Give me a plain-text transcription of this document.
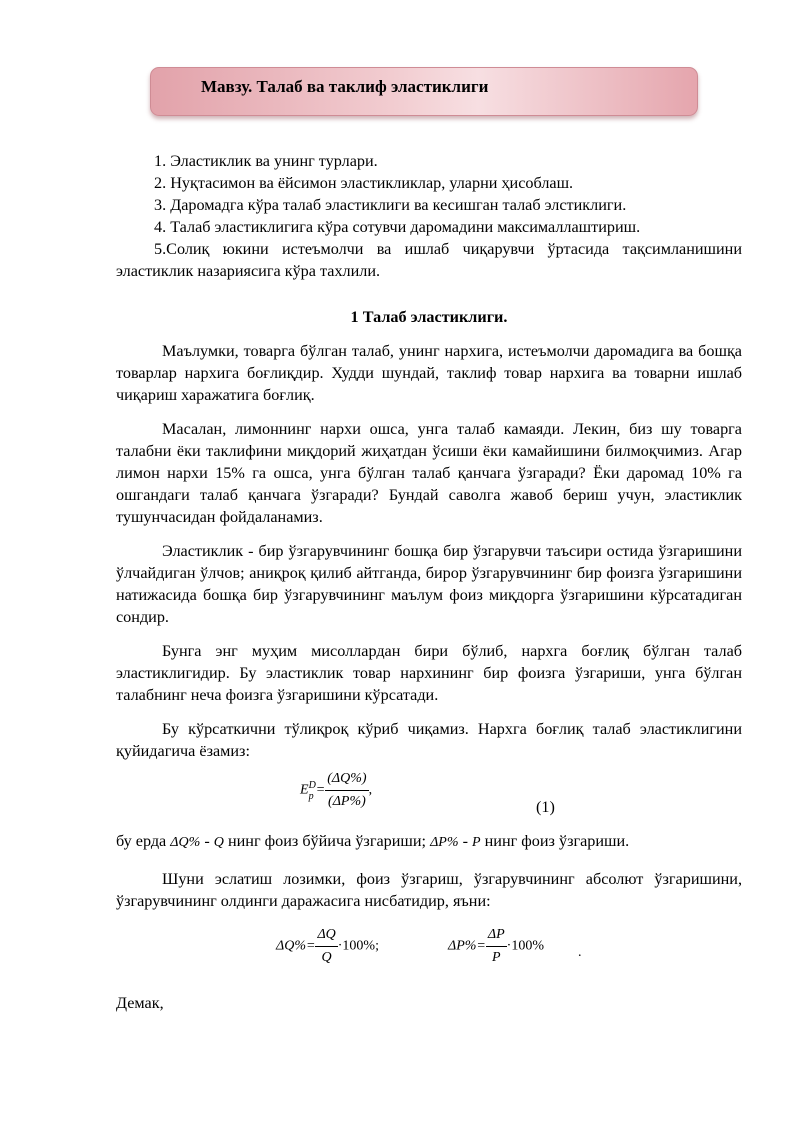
Мавзу. Талаб ва таклиф эластиклиги
1. Эластиклик ва унинг турлари.
2. Нуқтасимон ва ёйсимон эластикликлар, уларни ҳисоблаш.
3. Даромадга кўра талаб эластиклиги ва кесишган талаб элстиклиги.
4. Талаб эластиклигига кўра сотувчи даромадини максималлаштириш.
5.Солиқ юкини истеъмолчи ва ишлаб чиқарувчи ўртасида тақсимланишини эластиклик назариясига кўра тахлили.
1 Талаб эластиклиги.

Маълумки, товарга бўлган талаб, унинг нархига, истеъмолчи даромадига ва бошқа товарлар нархига боғлиқдир. Худди шундай, таклиф товар нархига ва товарни ишлаб чиқариш харажатига боғлиқ.

Масалан, лимоннинг нархи ошса, унга талаб камаяди. Лекин, биз шу товарга талабни ёки таклифини миқдорий жиҳатдан ўсиши ёки камайишини билмоқчимиз. Агар лимон нархи 15% га ошса, унга бўлган талаб қанчага ўзгаради? Ёки даромад 10% га ошгандаги талаб қанчага ўзгаради? Бундай саволга жавоб бериш учун, эластиклик тушунчасидан фойдаланамиз.

Эластиклик - бир ўзгарувчининг бошқа бир ўзгарувчи таъсири остида ўзгаришини ўлчайдиган ўлчов; аниқроқ қилиб айтганда, бирор ўзгарувчининг бир фоизга ўзгаришини натижасида бошқа бир ўзгарувчининг маълум фоиз миқдорга ўзгаришини кўрсатадиган сондир.

Бунга энг муҳим мисоллардан бири бўлиб, нархга боғлиқ бўлган талаб эластиклигидир. Бу эластиклик товар нархининг бир фоизга ўзгариши, унга бўлган талабнинг неча фоизга ўзгаришини кўрсатади.

Бу кўрсаткични тўлиқроқ кўриб чиқамиз. Нархга боғлиқ талаб эластиклигини қуйидагича ёзамиз:

E D
$p = \frac{(\Delta Q\%)}{(\Delta P\%)}$ ,
(1)

бу ерда ΔQ% - Q нинг фоиз бўйича ўзгариши; ΔP% - P нинг фоиз ўзгариши.

Шуни эслатиш лозимки, фоиз ўзгариш, ўзгарувчининг абсолют ўзгаришини, ўзгарувчининг олдинги даражасига нисбатидир, яъни:

$\Delta Q\%= \frac{\Delta Q}{Q} \cdot 100\%$;	$\Delta P\%= \frac{\Delta P}{P} \cdot 100\%$ .

Демак,
